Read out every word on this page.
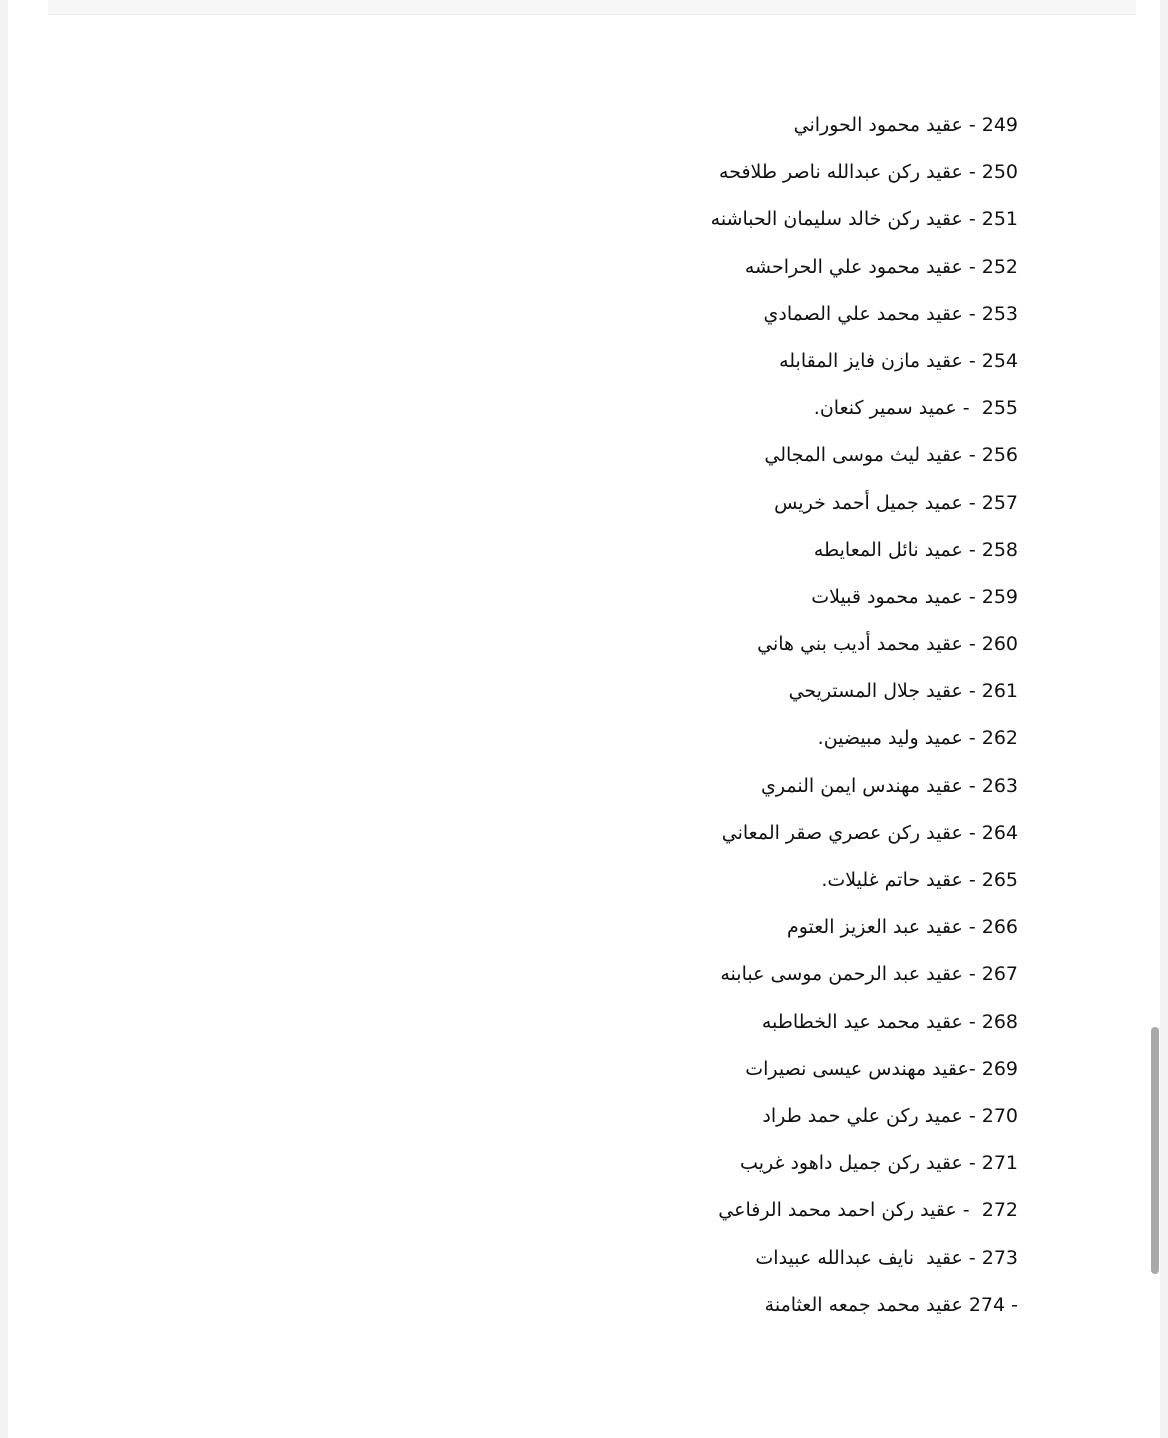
249 - عقيد محمود الحوراني
250 - عقيد ركن عبدالله ناصر طلافحه
251 - عقيد ركن خالد سليمان الحباشنه
252 - عقيد محمود علي الحراحشه
253 - عقيد محمد علي الصمادي
254 - عقيد مازن فايز المقابله
255  - عميد سمير كنعان.
256 - عقيد ليث موسى المجالي
257 - عميد جميل أحمد خريس
258 - عميد نائل المعايطه
259 - عميد محمود قبيلات
260 - عقيد محمد أديب بني هاني
261 - عقيد جلال المستريحي
262 - عميد وليد مبيضين.
263 - عقيد مهندس ايمن النمري
264 - عقيد ركن عصري صقر المعاني
265 - عقيد حاتم غليلات.
266 - عقيد عبد العزيز العتوم
267 - عقيد عبد الرحمن موسى عبابنه
268 - عقيد محمد عيد الخطاطبه
269 -عقيد مهندس عيسى نصيرات
270 - عميد ركن علي حمد طراد
271 - عقيد ركن جميل داهود غريب
272  - عقيد ركن احمد محمد الرفاعي
273 - عقيد  نايف عبدالله عبيدات
- 274 عقيد محمد جمعه العثامنة
